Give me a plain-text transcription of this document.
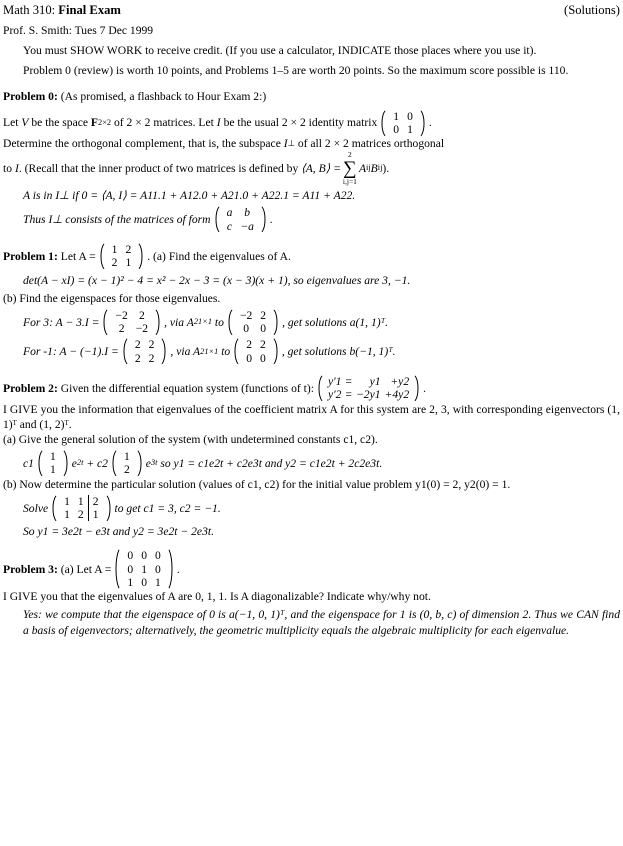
Math 310: Final Exam	(Solutions)

Prof. S. Smith: Tues 7 Dec 1999

You must SHOW WORK to receive credit. (If you use a calculator, INDICATE those places where you use it).

Problem 0 (review) is worth 10 points, and Problems 1–5 are worth 20 points. So the maximum score possible is 110.

Problem 0: (As promised, a flashback to Hour Exam 2:)

Let
V
be the space
F 2×2
of 2 × 2 matrices. Let
I
be the usual 2 × 2 identity matrix
1	0
0	1
.
Determine the orthogonal complement, that is, the subspace
I ⊥
of all 2 × 2 matrices orthogonal
to
I . (Recall that the inner product of two matrices is defined by
⟨A, B⟩ =
2
∑
i,j=1
A ij B ij ).

A is in I⊥ if 0 = ⟨A, I⟩ = A11.1 + A12.0 + A21.0 + A22.1 = A11 + A22.

Thus I⊥ consists of the matrices of form
a	b
c	−a
.
Problem 1:
Let A =
1	2
2	1
. (a) Find the eigenvalues of A.

det(A − xI) = (x − 1)² − 4 = x² − 2x − 3 = (x − 3)(x + 1), so eigenvalues are 3, −1.

(b) Find the eigenspaces for those eigenvalues.

For 3: A − 3.I =
−2	2
2	−2
, via A 2 1×1
to
−2	2
0	0
, get solutions a(1, 1)ᵀ.
For -1: A − (−1).I =
2	2
2	2
, via A 2 1×1
to
2	2
0	0
, get solutions b(−1, 1)ᵀ.
Problem 2:
Given the differential equation system (functions of t):
y′1	=	y1	+y2
y′2	=	−2y1	+4y2
.

I GIVE you the information that eigenvalues of the coefficient matrix A for this system are 2, 3, with corresponding eigenvectors (1, 1)ᵀ and (1, 2)ᵀ.

(a) Give the general solution of the system (with undetermined constants c1, c2).

c1
1
1
e 2t
+ c2
1
2
e 3t
so y1 = c1e2t + c2e3t and y2 = c1e2t + 2c2e3t.

(b) Now determine the particular solution (values of c1, c2) for the initial value problem y1(0) = 2, y2(0) = 1.

Solve
1	1	2
1	2	1
to get c1 = 3, c2 = −1.

So y1 = 3e2t − e3t and y2 = 3e2t − 2e3t.

Problem 3:
(a) Let A =
0	0	0
0	1	0
1	0	1
.

I GIVE you that the eigenvalues of A are 0, 1, 1. Is A diagonalizable? Indicate why/why not.

Yes: we compute that the eigenspace of 0 is a(−1, 0, 1)ᵀ, and the eigenspace for 1 is (0, b, c) of dimension 2. Thus we CAN find a basis of eigenvectors; alternatively, the geometric multiplicity equals the algebraic multiplicity for each eigenvalue.
